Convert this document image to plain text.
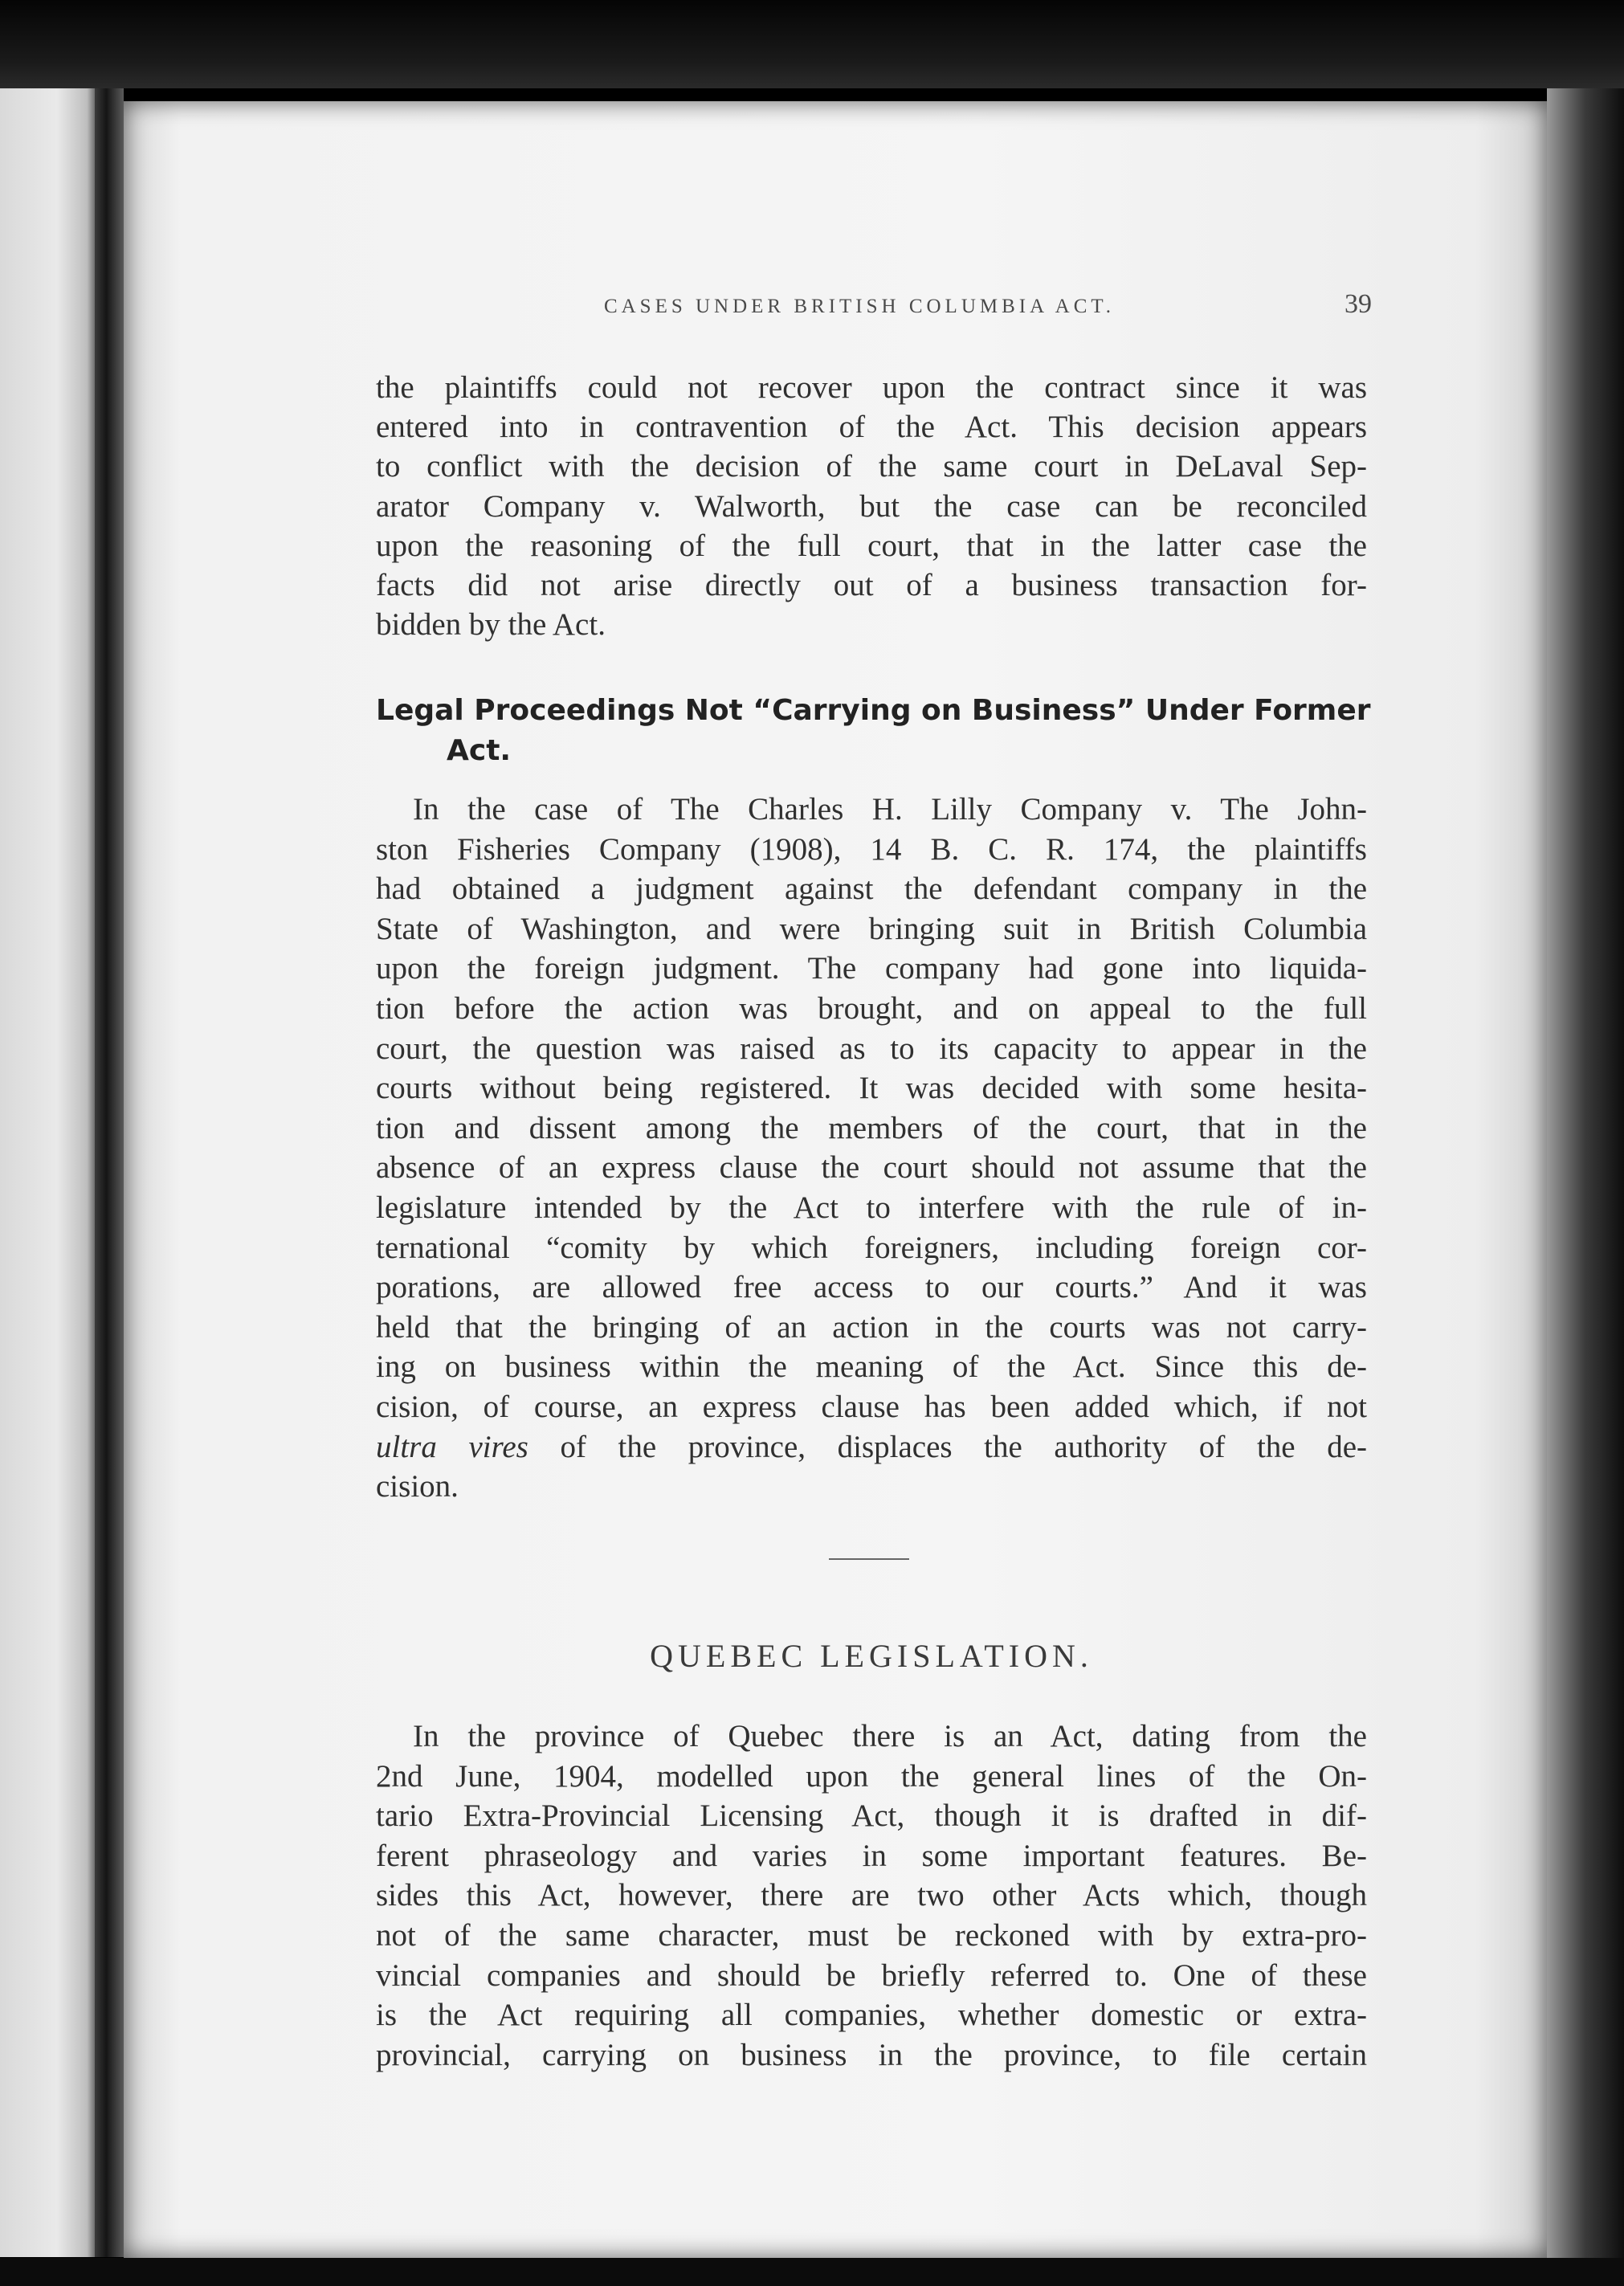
CASES UNDER BRITISH COLUMBIA ACT.	39
the plaintiffs could not recover upon the contract since it was
entered into in contravention of the Act. This decision appears
to conflict with the decision of the same court in DeLaval Sep-
arator Company v. Walworth, but the case can be reconciled
upon the reasoning of the full court, that in the latter case the
facts did not arise directly out of a business transaction for-
bidden by the Act.
Legal Proceedings Not “Carrying on Business” Under Former
Act.
In the case of The Charles H. Lilly Company v. The John-
ston Fisheries Company (1908), 14 B. C. R. 174, the plaintiffs
had obtained a judgment against the defendant company in the
State of Washington, and were bringing suit in British Columbia
upon the foreign judgment. The company had gone into liquida-
tion before the action was brought, and on appeal to the full
court, the question was raised as to its capacity to appear in the
courts without being registered. It was decided with some hesita-
tion and dissent among the members of the court, that in the
absence of an express clause the court should not assume that the
legislature intended by the Act to interfere with the rule of in-
ternational “comity by which foreigners, including foreign cor-
porations, are allowed free access to our courts.” And it was
held that the bringing of an action in the courts was not carry-
ing on business within the meaning of the Act. Since this de-
cision, of course, an express clause has been added which, if not
ultra vires of the province, displaces the authority of the de-
cision.
QUEBEC LEGISLATION.
In the province of Quebec there is an Act, dating from the
2nd June, 1904, modelled upon the general lines of the On-
tario Extra-Provincial Licensing Act, though it is drafted in dif-
ferent phraseology and varies in some important features. Be-
sides this Act, however, there are two other Acts which, though
not of the same character, must be reckoned with by extra-pro-
vincial companies and should be briefly referred to. One of these
is the Act requiring all companies, whether domestic or extra-
provincial, carrying on business in the province, to file certain
